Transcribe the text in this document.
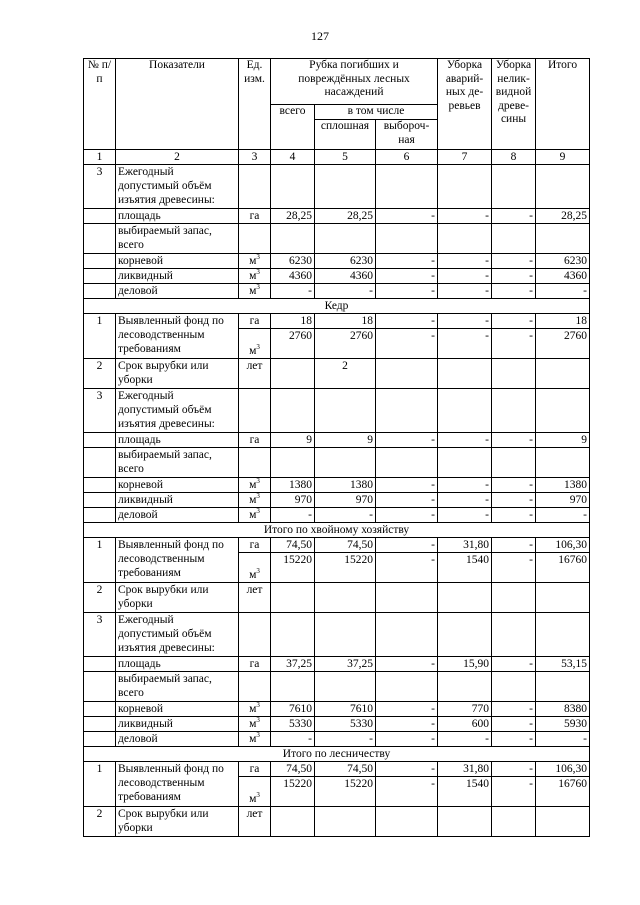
127
№ п/п	Показатели	Ед. изм.	Рубка погибших и повреждённых лесных насаждений			Уборка аварий-ных де-ревьев	Уборка нелик-видной древе-сины	Итого
			всего	в том числе				
				сплошная	выбороч-ная			
1	2	3	4	5	6	7	8	9
3	Ежегодный допустимый объём изъятия древесины:							
	площадь	га	28,25	28,25	-	-	-	28,25
	выбираемый запас, всего							
	корневой	$м^3$	6230	6230	-	-	-	6230
	ликвидный	$м^3$	4360	4360	-	-	-	4360
	деловой	$м^3$	-	-	-	-	-	-
Кедр								
1	Выявленный фонд по лесоводственным требованиям	га	18	18	-	-	-	18
		$м^3$	2760	2760	-	-	-	2760
2	Срок вырубки или уборки	лет		2				
3	Ежегодный допустимый объём изъятия древесины:							
	площадь	га	9	9	-	-	-	9
	выбираемый запас, всего							
	корневой	$м^3$	1380	1380	-	-	-	1380
	ликвидный	$м^3$	970	970	-	-	-	970
	деловой	$м^3$	-	-	-	-	-	-
Итого по хвойному хозяйству								
1	Выявленный фонд по лесоводственным требованиям	га	74,50	74,50	-	31,80	-	106,30
		$м^3$	15220	15220	-	1540	-	16760
2	Срок вырубки или уборки	лет						
3	Ежегодный допустимый объём изъятия древесины:							
	площадь	га	37,25	37,25	-	15,90	-	53,15
	выбираемый запас, всего							
	корневой	$м^3$	7610	7610	-	770	-	8380
	ликвидный	$м^3$	5330	5330	-	600	-	5930
	деловой	$м^3$	-	-	-	-	-	-
Итого по лесничеству								
1	Выявленный фонд по лесоводственным требованиям	га	74,50	74,50	-	31,80	-	106,30
		$м^3$	15220	15220	-	1540	-	16760
2	Срок вырубки или уборки	лет						
